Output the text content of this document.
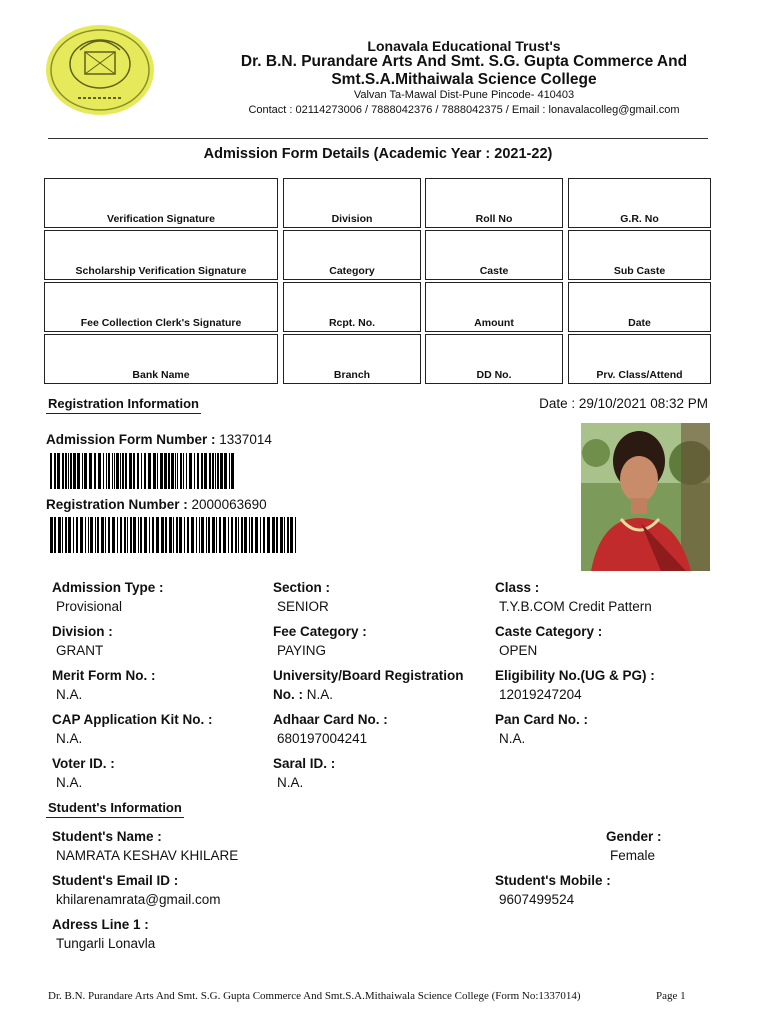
Lonavala Educational Trust's
Dr. B.N. Purandare Arts And Smt. S.G. Gupta Commerce And
Smt.S.A.Mithaiwala Science College
Valvan Ta-Mawal Dist-Pune Pincode- 410403
Contact : 02114273006 / 7888042376 / 7888042375 / Email : lonavalacolleg@gmail.com
Admission Form Details (Academic Year : 2021-22)
Verification Signature	Division	Roll No	G.R. No
Scholarship Verification Signature	Category	Caste	Sub Caste
Fee Collection Clerk's Signature	Rcpt. No.	Amount	Date
Bank Name	Branch	DD No.	Prv. Class/Attend
Registration Information	Date : 29/10/2021 08:32 PM
Admission Form Number : 1337014
Registration Number : 2000063690
Admission Type :
Provisional
Section :
SENIOR
Class :
T.Y.B.COM Credit Pattern
Division :
GRANT
Fee Category :
PAYING
Caste Category :
OPEN
Merit Form No. :
N.A.
University/Board Registration
No. : N.A.
Eligibility No.(UG & PG) :
12019247204
CAP Application Kit No. :
N.A.
Adhaar Card No. :
680197004241
Pan Card No. :
N.A.
Voter ID. :
N.A.
Saral ID. :
N.A.
Student's Information
Student's Name :
NAMRATA KESHAV KHILARE
Gender :
Female
Student's Email ID :
khilarenamrata@gmail.com
Student's Mobile :
9607499524
Adress Line 1 :
Tungarli Lonavla
Dr. B.N. Purandare Arts And Smt. S.G. Gupta Commerce And Smt.S.A.Mithaiwala Science College (Form No:1337014)	Page 1
